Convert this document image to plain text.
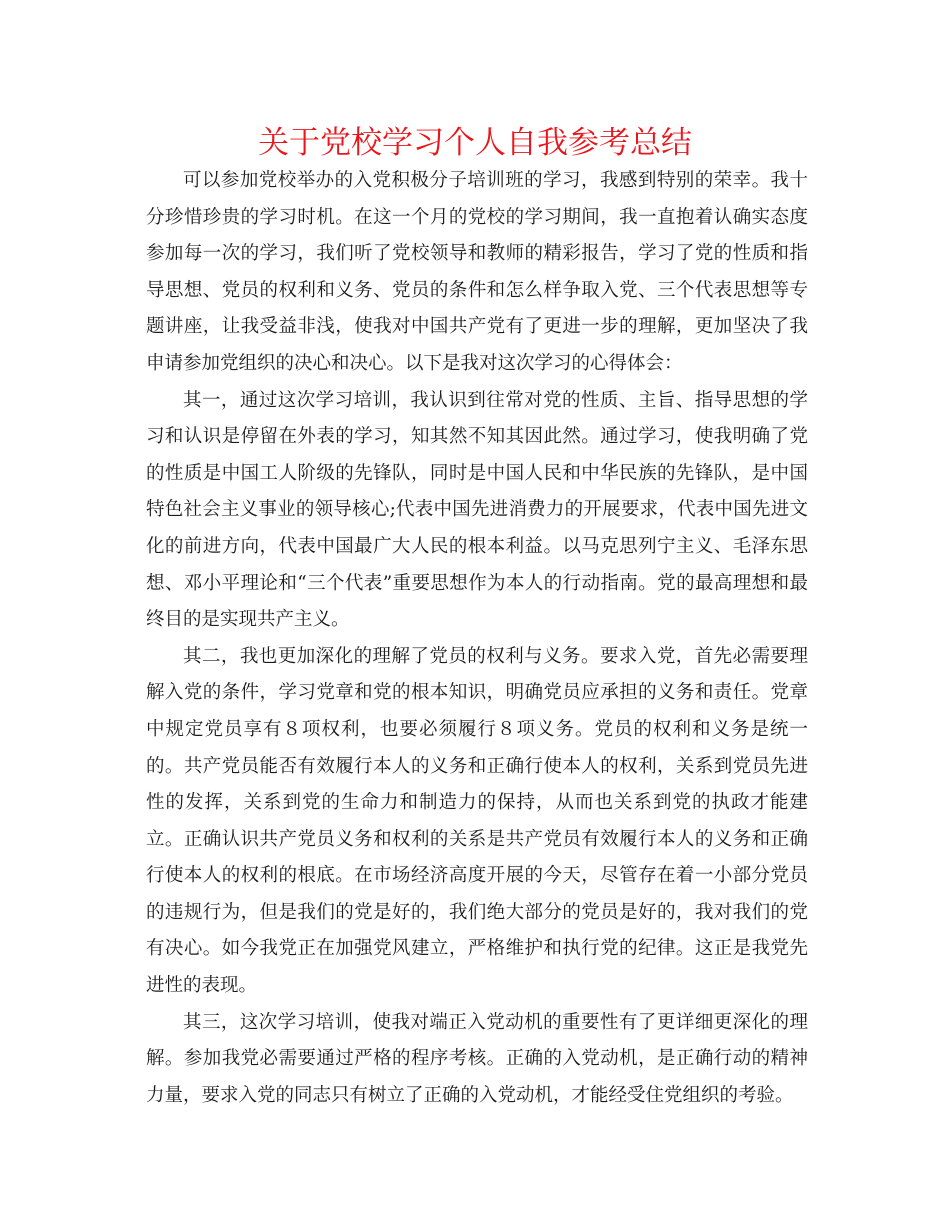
关于党校学习个人自我参考总结

可以参加党校举办的入党积极分子培训班的学习，我感到特别的荣幸。我十分珍惜珍贵的学习时机。在这一个月的党校的学习期间，我一直抱着认确实态度参加每一次的学习，我们听了党校领导和教师的精彩报告，学习了党的性质和指导思想、党员的权利和义务、党员的条件和怎么样争取入党、三个代表思想等专题讲座，让我受益非浅，使我对中国共产党有了更进一步的理解，更加坚决了我申请参加党组织的决心和决心。以下是我对这次学习的心得体会：

其一，通过这次学习培训，我认识到往常对党的性质、主旨、指导思想的学习和认识是停留在外表的学习，知其然不知其因此然。通过学习，使我明确了党的性质是中国工人阶级的先锋队，同时是中国人民和中华民族的先锋队，是中国特色社会主义事业的领导核心;代表中国先进消费力的开展要求，代表中国先进文化的前进方向，代表中国最广大人民的根本利益。以马克思列宁主义、毛泽东思想、邓小平理论和“三个代表”重要思想作为本人的行动指南。党的最高理想和最终目的是实现共产主义。

其二，我也更加深化的理解了党员的权利与义务。要求入党，首先必需要理解入党的条件，学习党章和党的根本知识，明确党员应承担的义务和责任。党章中规定党员享有８项权利，也要必须履行８项义务。党员的权利和义务是统一的。共产党员能否有效履行本人的义务和正确行使本人的权利，关系到党员先进性的发挥，关系到党的生命力和制造力的保持，从而也关系到党的执政才能建立。正确认识共产党员义务和权利的关系是共产党员有效履行本人的义务和正确行使本人的权利的根底。在市场经济高度开展的今天，尽管存在着一小部分党员的违规行为，但是我们的党是好的，我们绝大部分的党员是好的，我对我们的党有决心。如今我党正在加强党风建立，严格维护和执行党的纪律。这正是我党先进性的表现。

其三，这次学习培训，使我对端正入党动机的重要性有了更详细更深化的理解。参加我党必需要通过严格的程序考核。正确的入党动机，是正确行动的精神力量，要求入党的同志只有树立了正确的入党动机，才能经受住党组织的考验。
